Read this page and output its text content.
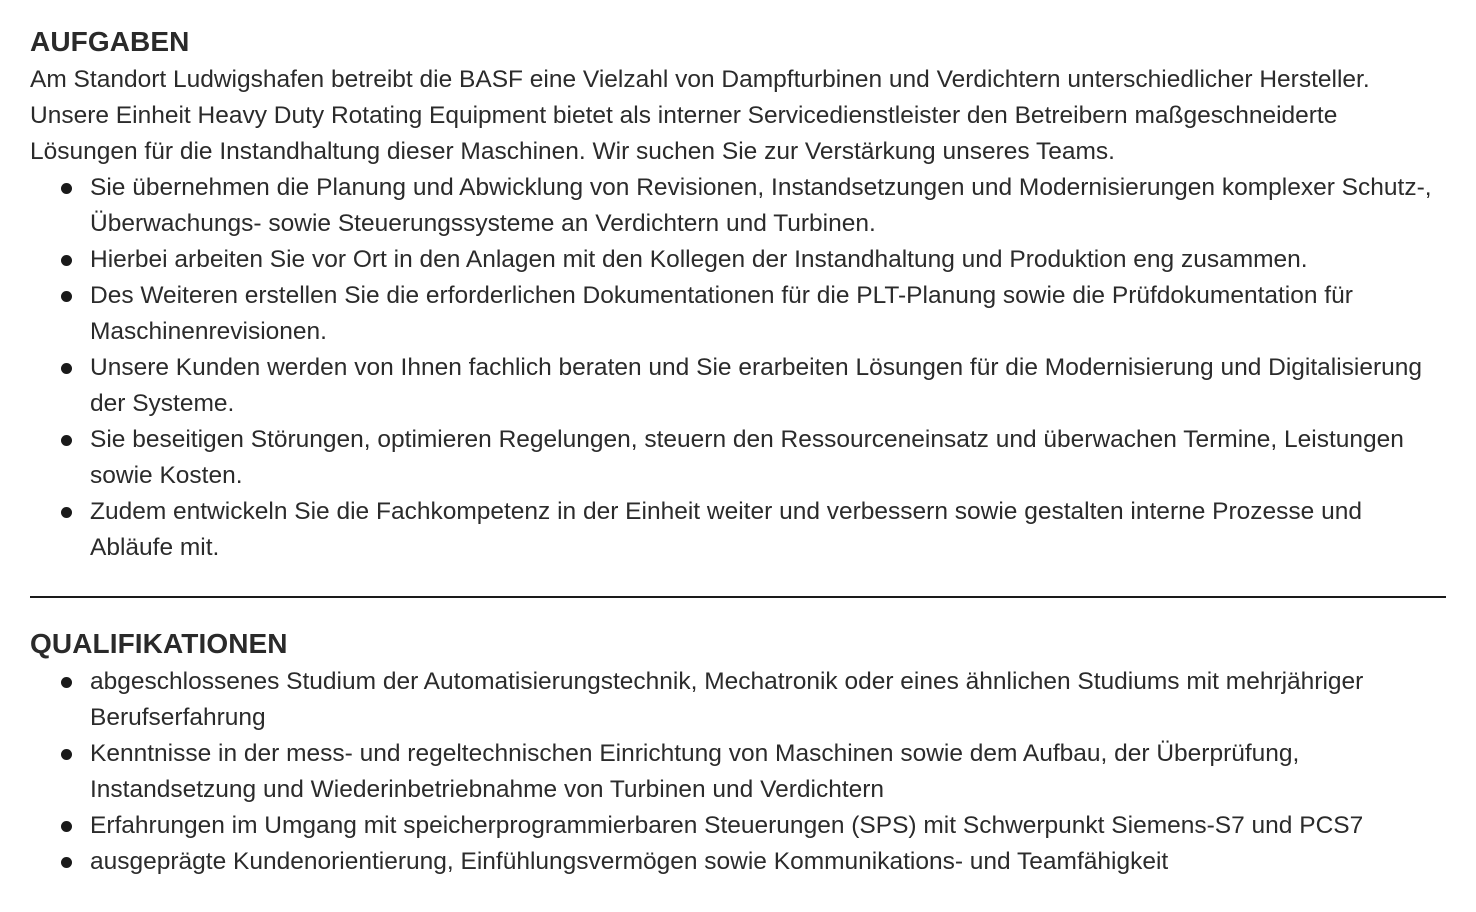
AUFGABEN

Am Standort Ludwigshafen betreibt die BASF eine Vielzahl von Dampfturbinen und Verdichtern unterschiedlicher Hersteller. Unsere Einheit Heavy Duty Rotating Equipment bietet als interner Servicedienstleister den Betreibern maßgeschneiderte Lösungen für die Instandhaltung dieser Maschinen. Wir suchen Sie zur Verstärkung unseres Teams.

Sie übernehmen die Planung und Abwicklung von Revisionen, Instandsetzungen und Modernisierungen komplexer Schutz-, Überwachungs- sowie Steuerungssysteme an Verdichtern und Turbinen.
Hierbei arbeiten Sie vor Ort in den Anlagen mit den Kollegen der Instandhaltung und Produktion eng zusammen.
Des Weiteren erstellen Sie die erforderlichen Dokumentationen für die PLT-Planung sowie die Prüfdokumentation für Maschinenrevisionen.
Unsere Kunden werden von Ihnen fachlich beraten und Sie erarbeiten Lösungen für die Modernisierung und Digitalisierung der Systeme.
Sie beseitigen Störungen, optimieren Regelungen, steuern den Ressourceneinsatz und überwachen Termine, Leistungen sowie Kosten.
Zudem entwickeln Sie die Fachkompetenz in der Einheit weiter und verbessern sowie gestalten interne Prozesse und Abläufe mit.
QUALIFIKATIONEN
abgeschlossenes Studium der Automatisierungstechnik, Mechatronik oder eines ähnlichen Studiums mit mehrjähriger Berufserfahrung
Kenntnisse in der mess- und regeltechnischen Einrichtung von Maschinen sowie dem Aufbau, der Überprüfung, Instandsetzung und Wiederinbetriebnahme von Turbinen und Verdichtern
Erfahrungen im Umgang mit speicherprogrammierbaren Steuerungen (SPS) mit Schwerpunkt Siemens-S7 und PCS7
ausgeprägte Kundenorientierung, Einfühlungsvermögen sowie Kommunikations- und Teamfähigkeit
